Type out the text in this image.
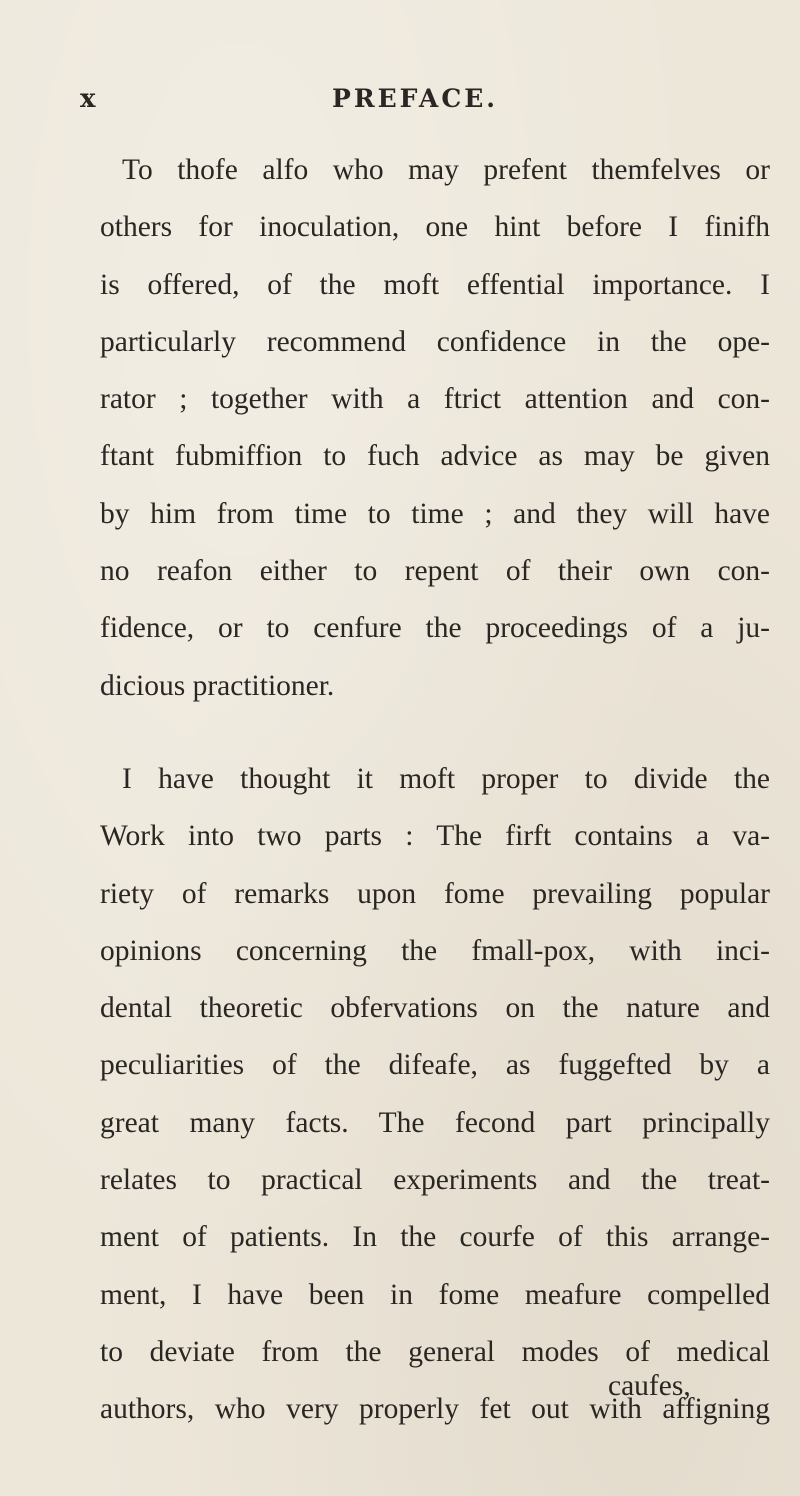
x	PREFACE.
To thofe alfo who may prefent themfelves or
others for inoculation, one hint before I finifh
is offered, of the moft effential importance. I
particularly recommend confidence in the ope-
rator ; together with a ftrict attention and con-
ftant fubmiffion to fuch advice as may be given
by him from time to time ; and they will have
no reafon either to repent of their own con-
fidence, or to cenfure the proceedings of a ju-
dicious practitioner.
I have thought it moft proper to divide the
Work into two parts : The firft contains a va-
riety of remarks upon fome prevailing popular
opinions concerning the fmall-pox, with inci-
dental theoretic obfervations on the nature and
peculiarities of the difeafe, as fuggefted by a
great many facts. The fecond part principally
relates to practical experiments and the treat-
ment of patients. In the courfe of this arrange-
ment, I have been in fome meafure compelled
to deviate from the general modes of medical
authors, who very properly fet out with affigning
caufes,
